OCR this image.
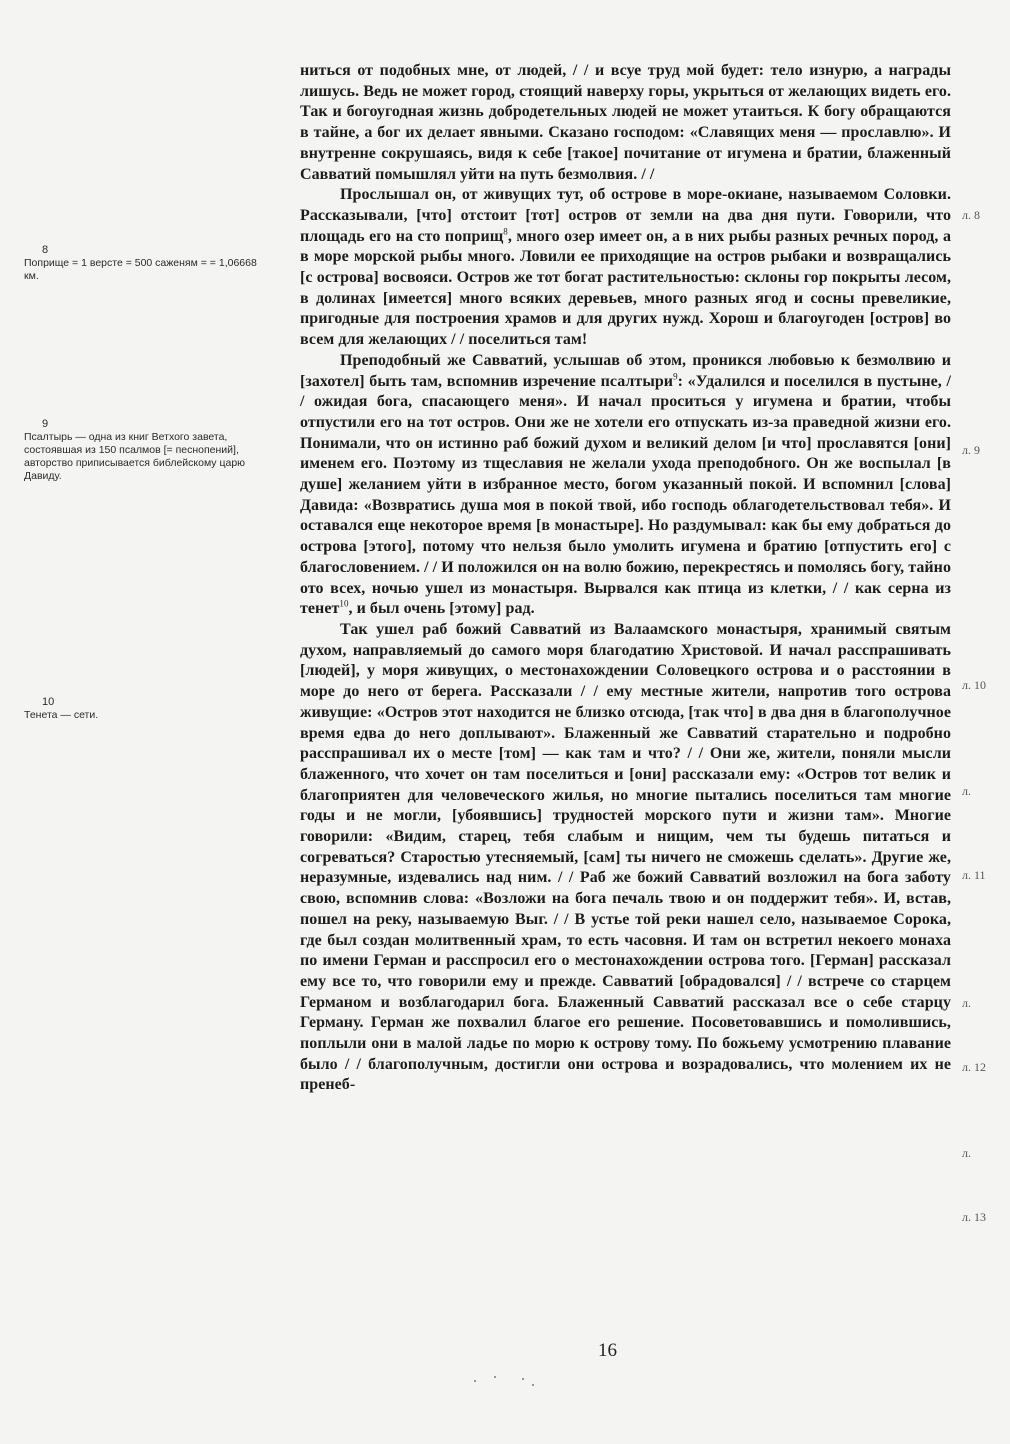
8
Поприще = 1 версте = 500 саженям = = 1,06668 км.
9
Псалтырь — одна из книг Ветхого завета, состоявшая из 150 псалмов [= песнопений], авторство приписывается библейскому царю Давиду.
10
Тенета — сети.

ниться от подобных мне, от людей, / / и всуе труд мой будет: тело изнурю, а награды лишусь. Ведь не может город, стоящий наверху горы, укрыться от желающих видеть его. Так и богоугодная жизнь добродетельных людей не может утаиться. К богу обращаются в тайне, а бог их делает явными. Сказано господом: «Славящих меня — прославлю». И внутренне сокрушаясь, видя к себе [такое] почитание от игумена и братии, блаженный Савватий помышлял уйти на путь безмолвия. / /

Прослышал он, от живущих тут, об острове в море-окиане, называемом Соловки. Рассказывали, [что] отстоит [тот] остров от земли на два дня пути. Говорили, что площадь его на сто поприщ$^8$, много озер имеет он, а в них рыбы разных речных пород, а в море морской рыбы много. Ловили ее приходящие на остров рыбаки и возвращались [с острова] восвояси. Остров же тот богат растительностью: склоны гор покрыты лесом, в долинах [имеется] много всяких деревьев, много разных ягод и сосны превеликие, пригодные для построения храмов и для других нужд. Хорош и благоугоден [остров] во всем для желающих / / поселиться там!

Преподобный же Савватий, услышав об этом, проникся любовью к безмолвию и [захотел] быть там, вспомнив изречение псалтыри$^9$: «Удалился и поселился в пустыне, / / ожидая бога, спасающего меня». И начал проситься у игумена и братии, чтобы отпустили его на тот остров. Они же не хотели его отпускать из-за праведной жизни его. Понимали, что он истинно раб божий духом и великий делом [и что] прославятся [они] именем его. Поэтому из тщеславия не желали ухода преподобного. Он же воспылал [в душе] желанием уйти в избранное место, богом указанный покой. И вспомнил [слова] Давида: «Возвратись душа моя в покой твой, ибо господь облагодетельствовал тебя». И оставался еще некоторое время [в монастыре]. Но раздумывал: как бы ему добраться до острова [этого], потому что нельзя было умолить игумена и братию [отпустить его] с благословением. / / И положился он на волю божию, перекрестясь и помолясь богу, тайно ото всех, ночью ушел из монастыря. Вырвался как птица из клетки, / / как серна из тенет$^{10}$, и был очень [этому] рад.

Так ушел раб божий Савватий из Валаамского монастыря, хранимый святым духом, направляемый до самого моря благодатию Христовой. И начал расспрашивать [людей], у моря живущих, о местонахождении Соловецкого острова и о расстоянии в море до него от берега. Рассказали / / ему местные жители, напротив того острова живущие: «Остров этот находится не близко отсюда, [так что] в два дня в благополучное время едва до него доплывают». Блаженный же Савватий старательно и подробно расспрашивал их о месте [том] — как там и что? / / Они же, жители, поняли мысли блаженного, что хочет он там поселиться и [они] рассказали ему: «Остров тот велик и благоприятен для человеческого жилья, но многие пытались поселиться там многие годы и не могли, [убоявшись] трудностей морского пути и жизни там». Многие говорили: «Видим, старец, тебя слабым и нищим, чем ты будешь питаться и согреваться? Старостью утесняемый, [сам] ты ничего не сможешь сделать». Другие же, неразумные, издевались над ним. / / Раб же божий Савватий возложил на бога заботу свою, вспомнив слова: «Возложи на бога печаль твою и он поддержит тебя». И, встав, пошел на реку, называемую Выг. / / В устье той реки нашел село, называемое Сорока, где был создан молитвенный храм, то есть часовня. И там он встретил некоего монаха по имени Герман и расспросил его о местонахождении острова того. [Герман] рассказал ему все то, что говорили ему и прежде. Савватий [обрадовался] / / встрече со старцем Германом и возблагодарил бога. Блаженный Савватий рассказал все о себе старцу Герману. Герман же похвалил благое его решение. Посоветовавшись и помолившись, поплыли они в малой ладье по морю к острову тому. По божьему усмотрению плавание было / / благополучным, достигли они острова и возрадовались, что молением их не пренеб-

л. 8
л. 9
л. 10
л.
л. 11
л.
л. 12
л.
л. 13
16
